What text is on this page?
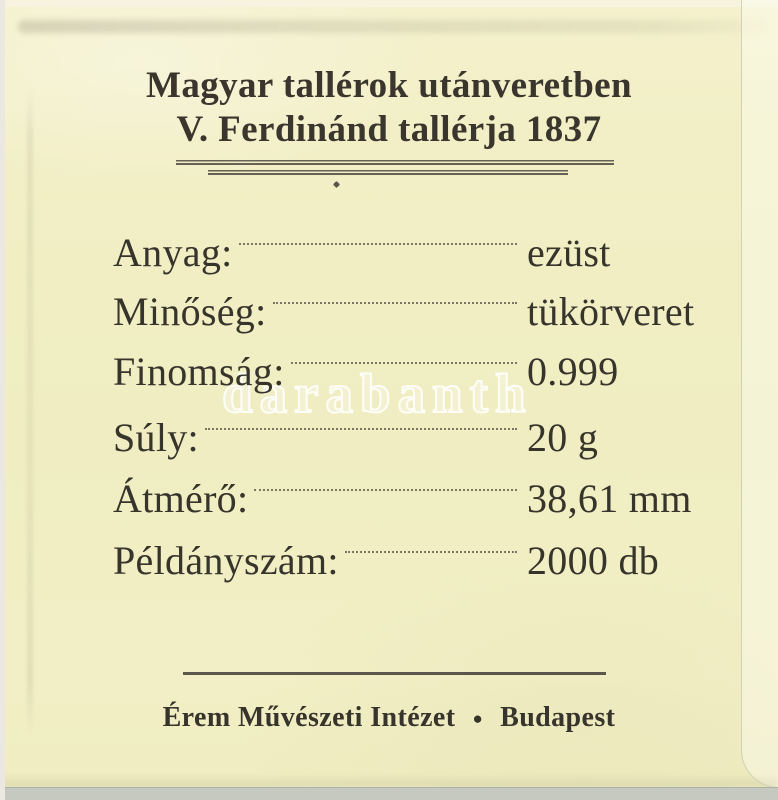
Magyar tallérok utánveretben
V. Ferdinánd tallérja 1837
darabanth
Anyag:	ezüst
Minőség:	tükörveret
Finomság:	0.999
Súly:	20 g
Átmérő:	38,61 mm
Példányszám:	2000 db
Érem Művészeti Intézet ● Budapest
